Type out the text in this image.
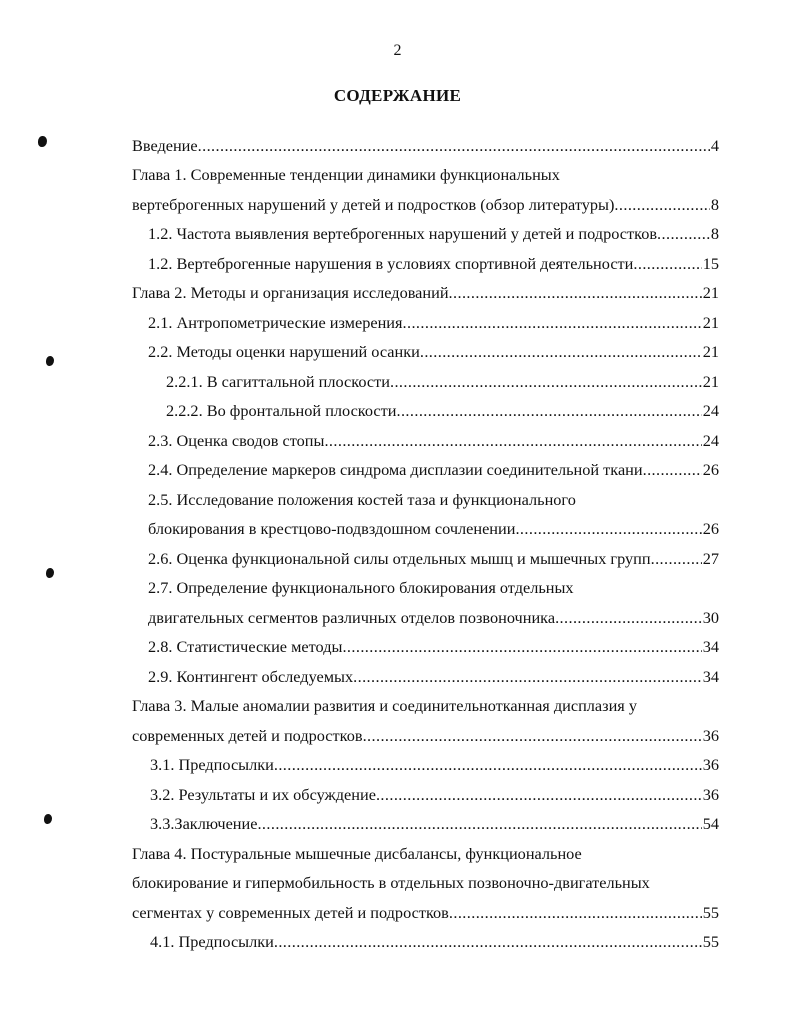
2
СОДЕРЖАНИЕ
Введение .....	4
Глава 1. Современные тенденции динамики функциональных
вертеброгенных нарушений у детей и подростков (обзор литературы) .....	8
1.2. Частота выявления вертеброгенных нарушений у детей и подростков .....	8
1.2. Вертеброгенные нарушения в условиях спортивной деятельности .....	15
Глава 2. Методы и организация исследований .....	21
2.1. Антропометрические измерения .....	21
2.2. Методы оценки нарушений осанки .....	21
2.2.1. В сагиттальной плоскости .....	21
2.2.2. Во фронтальной плоскости .....	24
2.3. Оценка сводов стопы .....	24
2.4. Определение маркеров синдрома дисплазии соединительной ткани .....	26
2.5. Исследование положения костей таза и функционального
блокирования в крестцово-подвздошном сочленении .....	26
2.6. Оценка функциональной силы отдельных мышц и мышечных групп .....	27
2.7. Определение функционального блокирования отдельных
двигательных сегментов различных отделов позвоночника .....	30
2.8. Статистические методы .....	34
2.9. Контингент обследуемых .....	34
Глава 3. Малые аномалии развития и соединительнотканная дисплазия у
современных детей и подростков .....	36
3.1. Предпосылки .....	36
3.2. Результаты и их обсуждение .....	36
3.3.Заключение .....	54
Глава 4. Постуральные мышечные дисбалансы, функциональное
блокирование и гипермобильность в отдельных позвоночно-двигательных
сегментах у современных детей и подростков .....	55
4.1. Предпосылки .....	55
